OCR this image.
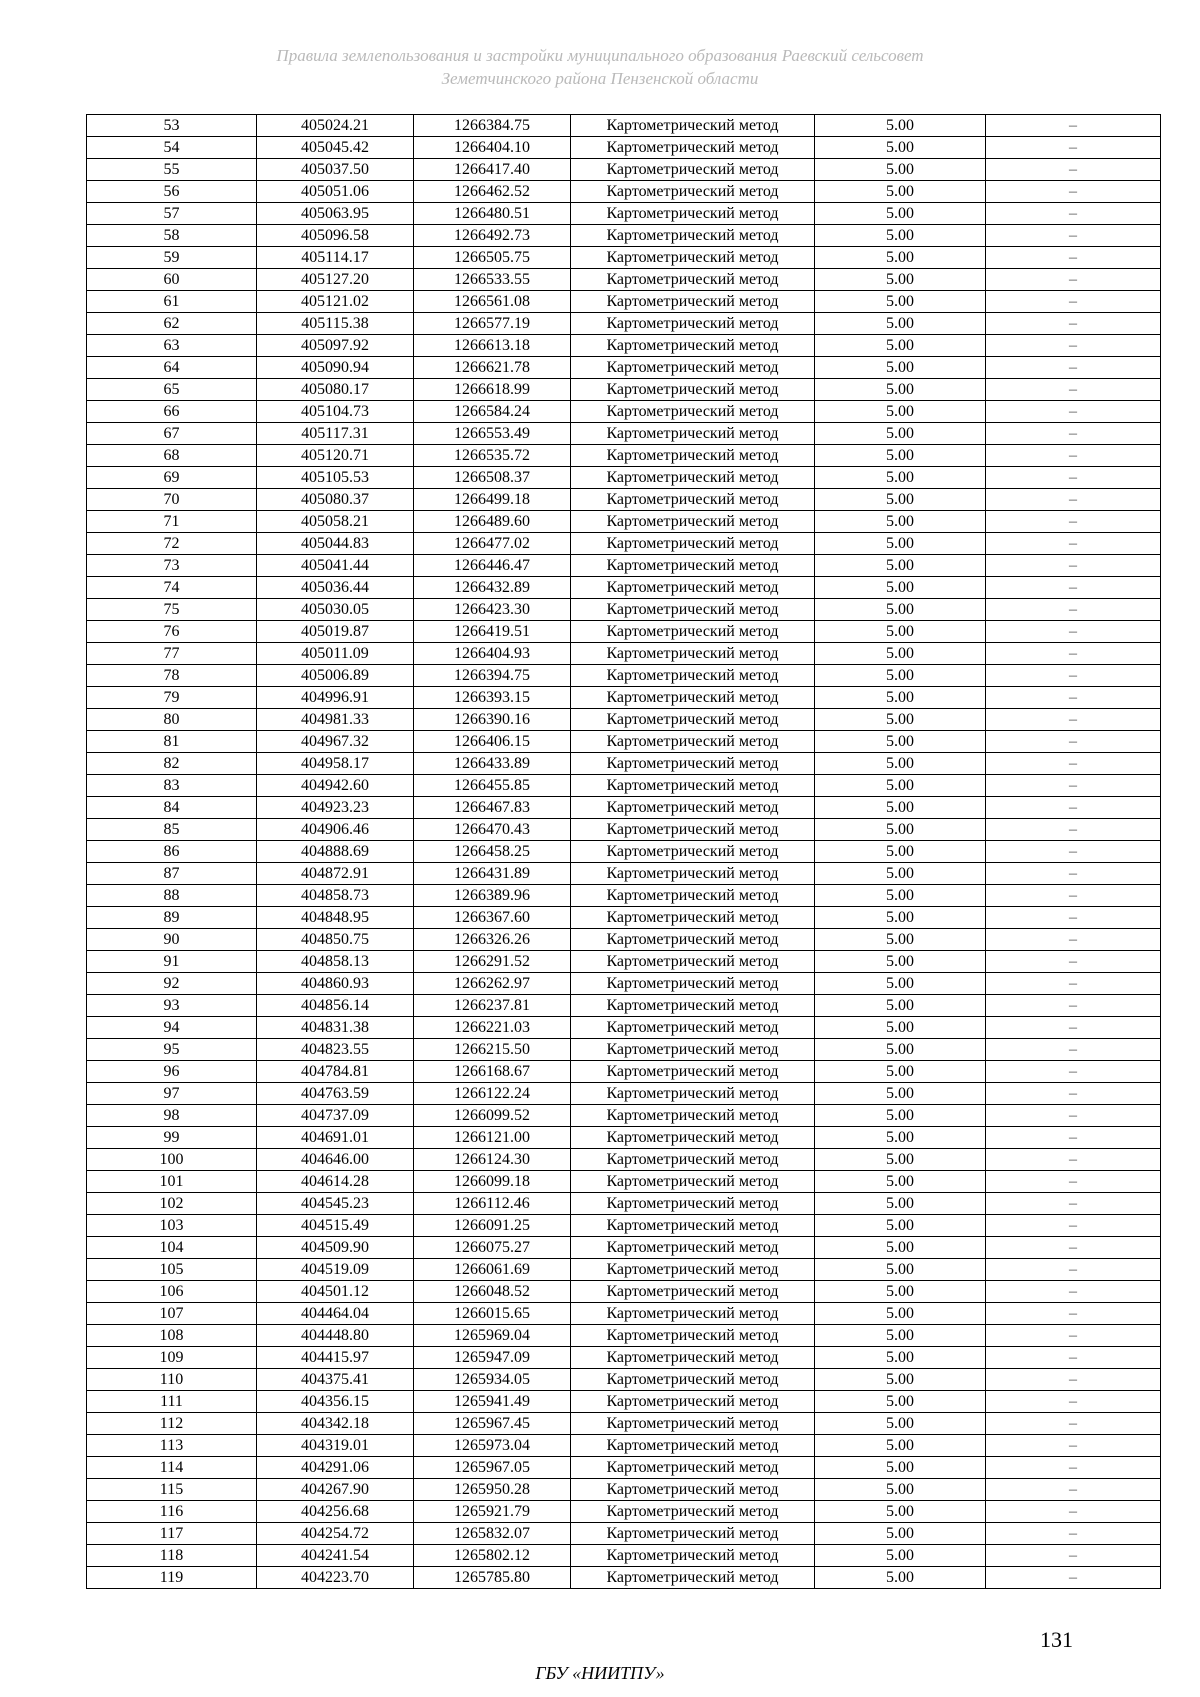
Правила землепользования и застройки муниципального образования Раевский сельсовет
Земетчинского района Пензенской области
53	405024.21	1266384.75	Картометрический метод	5.00	–
54	405045.42	1266404.10	Картометрический метод	5.00	–
55	405037.50	1266417.40	Картометрический метод	5.00	–
56	405051.06	1266462.52	Картометрический метод	5.00	–
57	405063.95	1266480.51	Картометрический метод	5.00	–
58	405096.58	1266492.73	Картометрический метод	5.00	–
59	405114.17	1266505.75	Картометрический метод	5.00	–
60	405127.20	1266533.55	Картометрический метод	5.00	–
61	405121.02	1266561.08	Картометрический метод	5.00	–
62	405115.38	1266577.19	Картометрический метод	5.00	–
63	405097.92	1266613.18	Картометрический метод	5.00	–
64	405090.94	1266621.78	Картометрический метод	5.00	–
65	405080.17	1266618.99	Картометрический метод	5.00	–
66	405104.73	1266584.24	Картометрический метод	5.00	–
67	405117.31	1266553.49	Картометрический метод	5.00	–
68	405120.71	1266535.72	Картометрический метод	5.00	–
69	405105.53	1266508.37	Картометрический метод	5.00	–
70	405080.37	1266499.18	Картометрический метод	5.00	–
71	405058.21	1266489.60	Картометрический метод	5.00	–
72	405044.83	1266477.02	Картометрический метод	5.00	–
73	405041.44	1266446.47	Картометрический метод	5.00	–
74	405036.44	1266432.89	Картометрический метод	5.00	–
75	405030.05	1266423.30	Картометрический метод	5.00	–
76	405019.87	1266419.51	Картометрический метод	5.00	–
77	405011.09	1266404.93	Картометрический метод	5.00	–
78	405006.89	1266394.75	Картометрический метод	5.00	–
79	404996.91	1266393.15	Картометрический метод	5.00	–
80	404981.33	1266390.16	Картометрический метод	5.00	–
81	404967.32	1266406.15	Картометрический метод	5.00	–
82	404958.17	1266433.89	Картометрический метод	5.00	–
83	404942.60	1266455.85	Картометрический метод	5.00	–
84	404923.23	1266467.83	Картометрический метод	5.00	–
85	404906.46	1266470.43	Картометрический метод	5.00	–
86	404888.69	1266458.25	Картометрический метод	5.00	–
87	404872.91	1266431.89	Картометрический метод	5.00	–
88	404858.73	1266389.96	Картометрический метод	5.00	–
89	404848.95	1266367.60	Картометрический метод	5.00	–
90	404850.75	1266326.26	Картометрический метод	5.00	–
91	404858.13	1266291.52	Картометрический метод	5.00	–
92	404860.93	1266262.97	Картометрический метод	5.00	–
93	404856.14	1266237.81	Картометрический метод	5.00	–
94	404831.38	1266221.03	Картометрический метод	5.00	–
95	404823.55	1266215.50	Картометрический метод	5.00	–
96	404784.81	1266168.67	Картометрический метод	5.00	–
97	404763.59	1266122.24	Картометрический метод	5.00	–
98	404737.09	1266099.52	Картометрический метод	5.00	–
99	404691.01	1266121.00	Картометрический метод	5.00	–
100	404646.00	1266124.30	Картометрический метод	5.00	–
101	404614.28	1266099.18	Картометрический метод	5.00	–
102	404545.23	1266112.46	Картометрический метод	5.00	–
103	404515.49	1266091.25	Картометрический метод	5.00	–
104	404509.90	1266075.27	Картометрический метод	5.00	–
105	404519.09	1266061.69	Картометрический метод	5.00	–
106	404501.12	1266048.52	Картометрический метод	5.00	–
107	404464.04	1266015.65	Картометрический метод	5.00	–
108	404448.80	1265969.04	Картометрический метод	5.00	–
109	404415.97	1265947.09	Картометрический метод	5.00	–
110	404375.41	1265934.05	Картометрический метод	5.00	–
111	404356.15	1265941.49	Картометрический метод	5.00	–
112	404342.18	1265967.45	Картометрический метод	5.00	–
113	404319.01	1265973.04	Картометрический метод	5.00	–
114	404291.06	1265967.05	Картометрический метод	5.00	–
115	404267.90	1265950.28	Картометрический метод	5.00	–
116	404256.68	1265921.79	Картометрический метод	5.00	–
117	404254.72	1265832.07	Картометрический метод	5.00	–
118	404241.54	1265802.12	Картометрический метод	5.00	–
119	404223.70	1265785.80	Картометрический метод	5.00	–
131
ГБУ «НИИТПУ»
